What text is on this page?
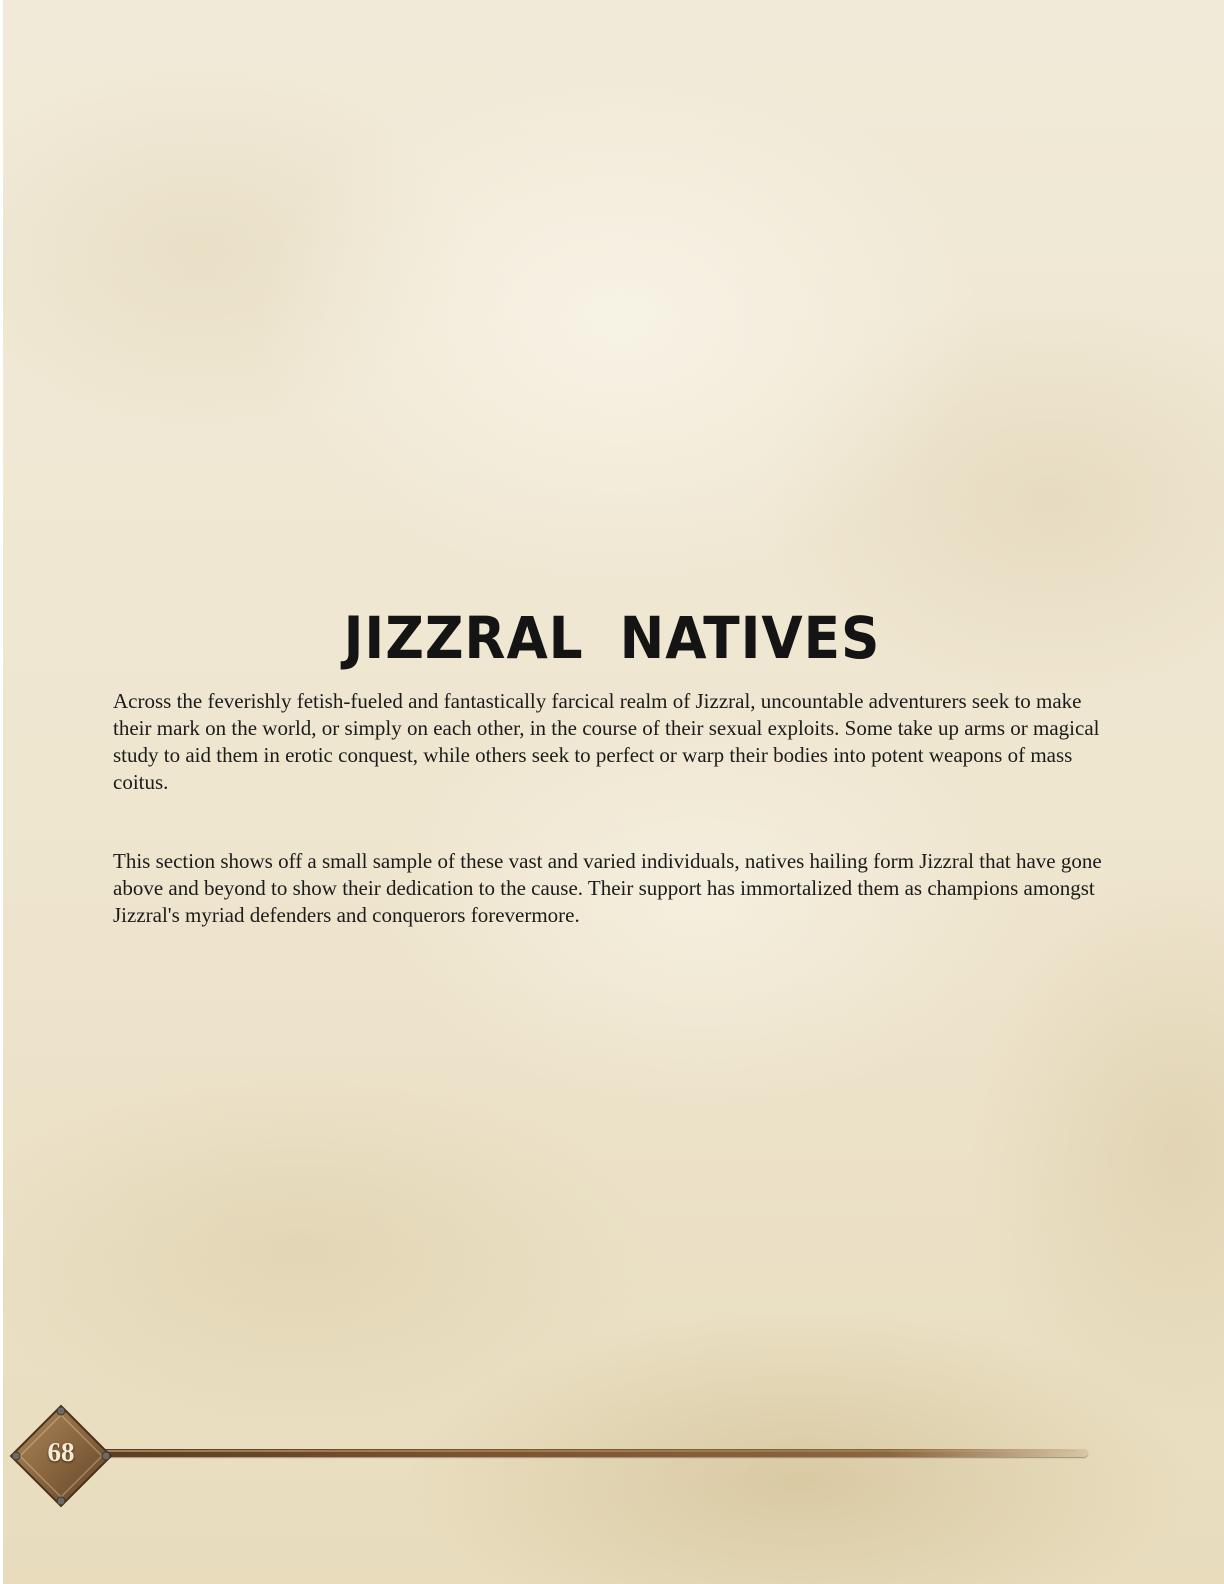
JIZZRAL NATIVES

Across the feverishly fetish-fueled and fantastically farcical realm of Jizzral, uncountable adventurers seek to make their mark on the world, or simply on each other, in the course of their sexual exploits. Some take up arms or magical study to aid them in erotic conquest, while others seek to perfect or warp their bodies into potent weapons of mass coitus.

This section shows off a small sample of these vast and varied individuals, natives hailing form Jizzral that have gone above and beyond to show their dedication to the cause. Their support has immortalized them as champions amongst Jizzral's myriad defenders and conquerors forevermore.

68
